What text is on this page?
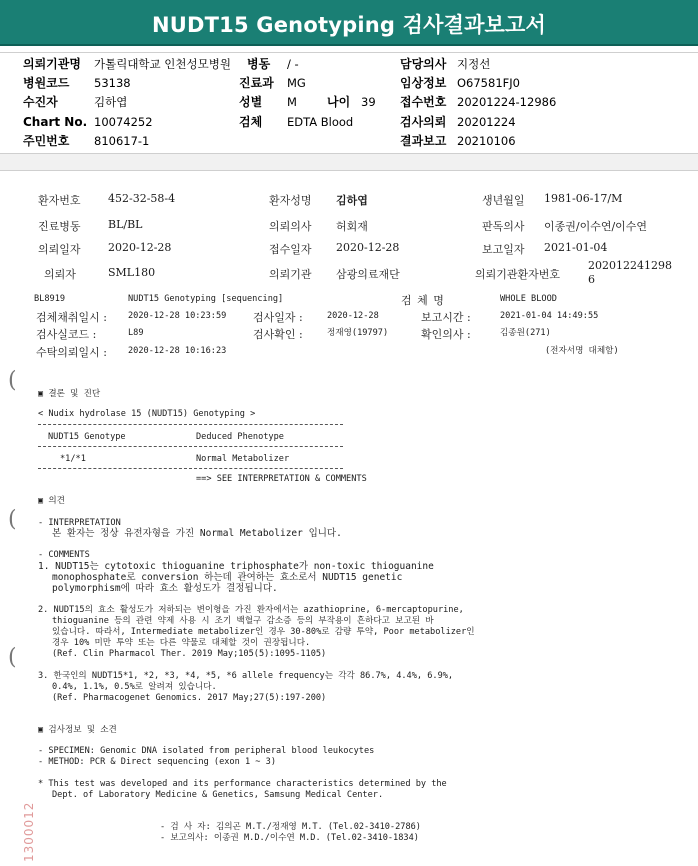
NUDT15 Genotyping 검사결과보고서
의뢰기관명 가톨릭대학교 인천성모병원 병동 / -	담당의사 지정선
병원코드 53138	진료과 MG	임상정보 O67581FJ0
수진자	김하엽	성별 M	나이 39 접수번호 20201224-12986
Chart No. 10074252	검체 EDTA Blood	검사의뢰 20201224
주민번호 810617-1	결과보고 20210106
환자번호 452-32-58-4	환자성명 김하엽	생년월일 1981-06-17/M
진료병동 BL/BL	의뢰의사 허회재	판독의사 이종권/이수연/이수연
의뢰일자 2020-12-28	접수일자 2020-12-28	보고일자 2021-01-04
의뢰자	SML180	의뢰기관 삼광의료재단	의뢰기관환자번호
202012241298
6
BL8919	NUDT15 Genotyping [sequencing]	검 체 명	WHOLE BLOOD
검체채취일시 : 2020-12-28 10:23:59 검사일자 :	2020-12-28	보고시간 :	2021-01-04 14:49:55
검사실코드 :	L89	검사확인 :	정재영(19797)	확인의사 :	김종원(271)
수탁의뢰일시 : 2020-12-28 10:16:23	(전자서명 대체함)
▣ 결론 및 진단
< Nudix hydrolase 15 (NUDT15) Genotyping >
NUDT15 Genotype	Deduced Phenotype
*1/*1	Normal Metabolizer
==> SEE INTERPRETATION & COMMENTS
▣ 의견
- INTERPRETATION
본 환자는 정상 유전자형을 가진 Normal Metabolizer 입니다.
- COMMENTS
1. NUDT15는 cytotoxic thioguanine triphosphate가 non-toxic thioguanine
monophosphate로 conversion 하는데 관여하는 효소로서 NUDT15 genetic
polymorphism에 따라 효소 활성도가 결정됩니다.
2. NUDT15의 효소 활성도가 저하되는 변이형을 가진 환자에서는 azathioprine, 6-mercaptopurine,
thioguanine 등의 관련 약제 사용 시 조기 백혈구 감소증 등의 부작용이 흔하다고 보고된 바
있습니다. 따라서, Intermediate metabolizer인 경우 30-80%로 감량 투약, Poor metabolizer인
경우 10% 미만 투약 또는 다른 약물로 대체할 것이 권장됩니다.
(Ref. Clin Pharmacol Ther. 2019 May;105(5):1095-1105)
3. 한국인의 NUDT15*1, *2, *3, *4, *5, *6 allele frequency는 각각 86.7%, 4.4%, 6.9%,
0.4%, 1.1%, 0.5%로 알려져 있습니다.
(Ref. Pharmacogenet Genomics. 2017 May;27(5):197-200)
▣ 검사정보 및 소견
- SPECIMEN: Genomic DNA isolated from peripheral blood leukocytes
- METHOD: PCR & Direct sequencing (exon 1 ~ 3)
* This test was developed and its performance characteristics determined by the
Dept. of Laboratory Medicine & Genetics, Samsung Medical Center.
- 검 사 자: 김의곤 M.T./정재영 M.T. (Tel.02-3410-2786)
- 보고의사: 이종권 M.D./이수연 M.D. (Tel.02-3410-1834)
(
(
(
1300012
